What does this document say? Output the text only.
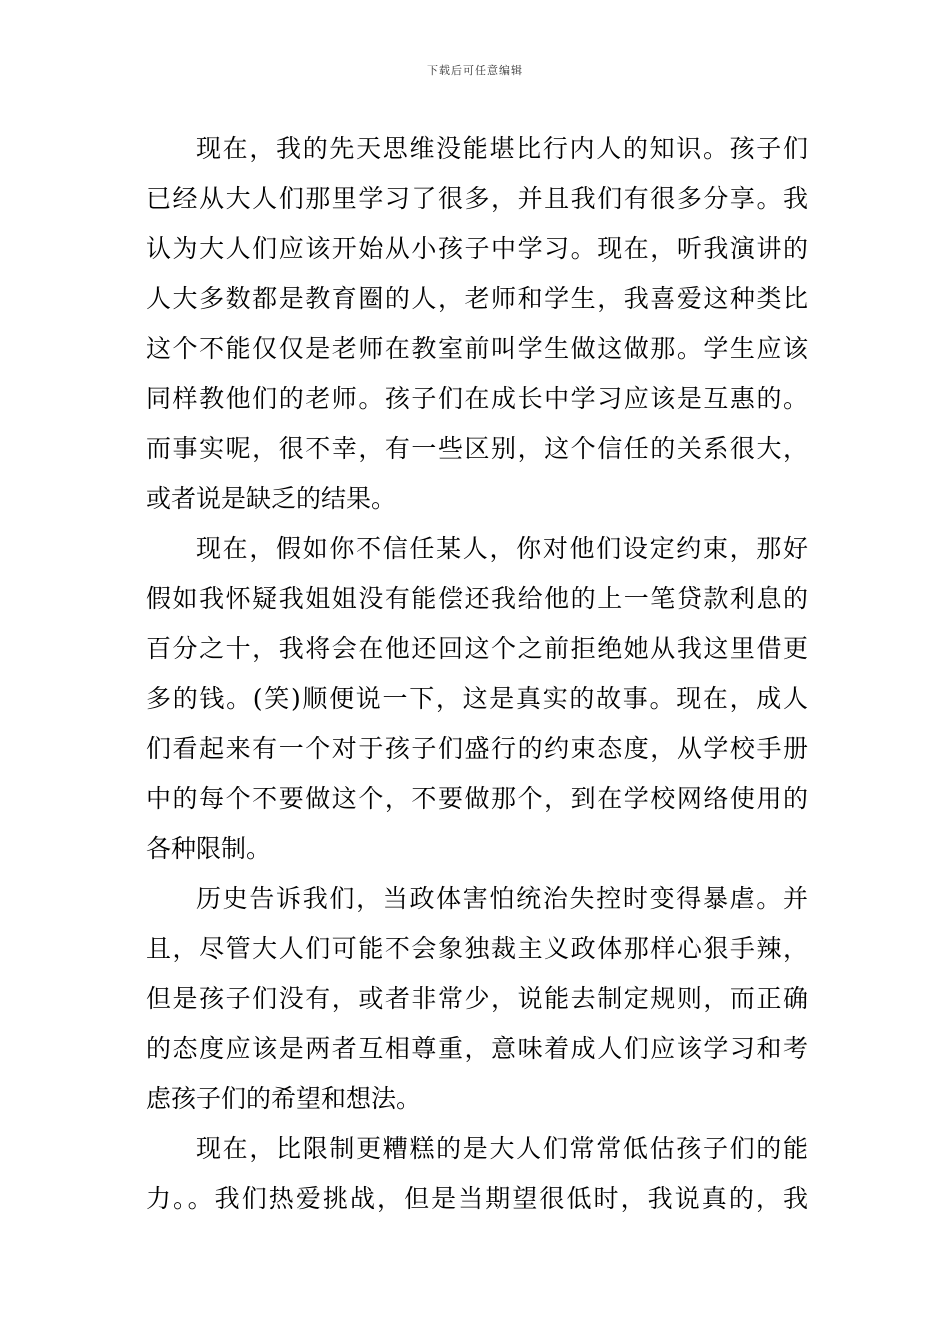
下载后可任意编辑
现在，我的先天思维没能堪比行内人的知识。孩子们
已经从大人们那里学习了很多，并且我们有很多分享。我
认为大人们应该开始从小孩子中学习。现在，听我演讲的
人大多数都是教育圈的人，老师和学生，我喜爱这种类比
这个不能仅仅是老师在教室前叫学生做这做那。学生应该
同样教他们的老师。孩子们在成长中学习应该是互惠的。
而事实呢，很不幸，有一些区别，这个信任的关系很大，
或者说是缺乏的结果。
现在，假如你不信任某人，你对他们设定约束，那好
假如我怀疑我姐姐没有能偿还我给他的上一笔贷款利息的
百分之十，我将会在他还回这个之前拒绝她从我这里借更
多的钱。(笑)顺便说一下，这是真实的故事。现在，成人
们看起来有一个对于孩子们盛行的约束态度，从学校手册
中的每个不要做这个，不要做那个，到在学校网络使用的
各种限制。
历史告诉我们，当政体害怕统治失控时变得暴虐。并
且，尽管大人们可能不会象独裁主义政体那样心狠手辣，
但是孩子们没有，或者非常少，说能去制定规则，而正确
的态度应该是两者互相尊重，意味着成人们应该学习和考
虑孩子们的希望和想法。
现在，比限制更糟糕的是大人们常常低估孩子们的能
力。。我们热爱挑战，但是当期望很低时，我说真的，我
